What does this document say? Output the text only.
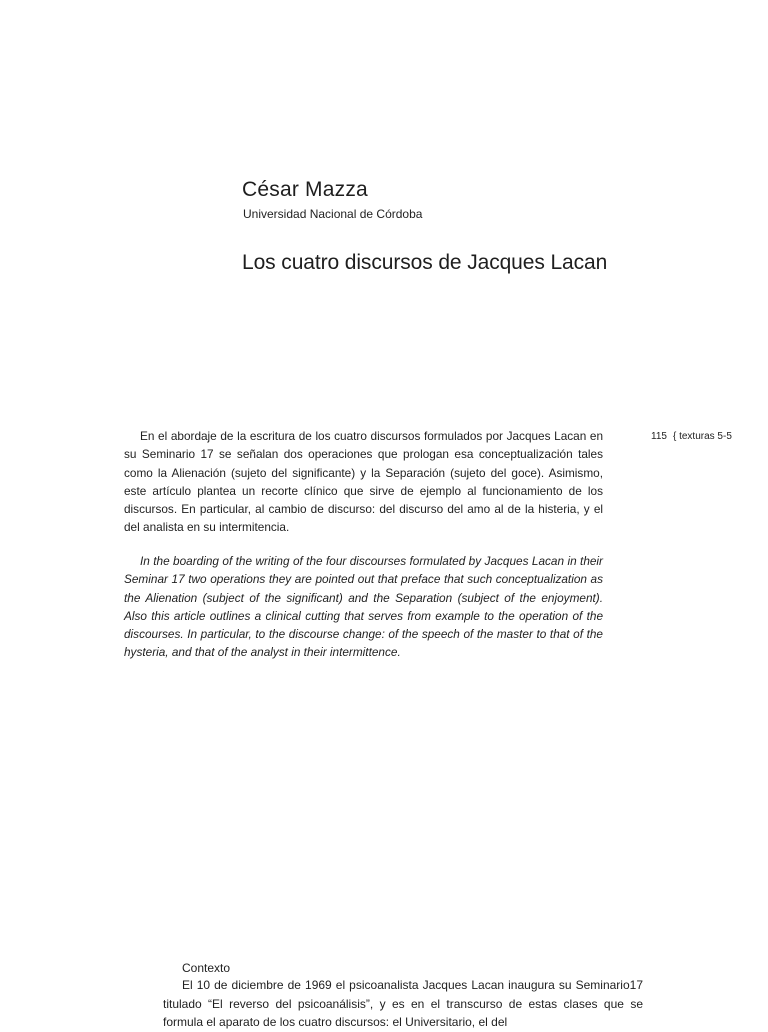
César Mazza
Universidad Nacional de Córdoba
Los cuatro discursos de Jacques Lacan

En el abordaje de la escritura de los cuatro discursos formulados por Jacques Lacan en su Seminario 17 se señalan dos operaciones que prologan esa conceptualización tales como la Alienación (sujeto del significante) y la Separación (sujeto del goce). Asimismo, este artículo plantea un recorte clínico que sirve de ejemplo al funcionamiento de los discursos. En particular, al cambio de discurso: del discurso del amo al de la histeria, y el del analista en su intermitencia.

115 { texturas 5-5

In the boarding of the writing of the four discourses formulated by Jacques Lacan in their Seminar 17 two operations they are pointed out that preface that such conceptualization as the Alienation (subject of the significant) and the Separation (subject of the enjoyment). Also this article outlines a clinical cutting that serves from example to the operation of the discourses. In particular, to the discourse change: of the speech of the master to that of the hysteria, and that of the analyst in their intermittence.

Contexto

El 10 de diciembre de 1969 el psicoanalista Jacques Lacan inaugura su Seminario17 titulado “El reverso del psicoanálisis”, y es en el transcurso de estas clases que se formula el aparato de los cuatro discursos: el Universitario, el del
